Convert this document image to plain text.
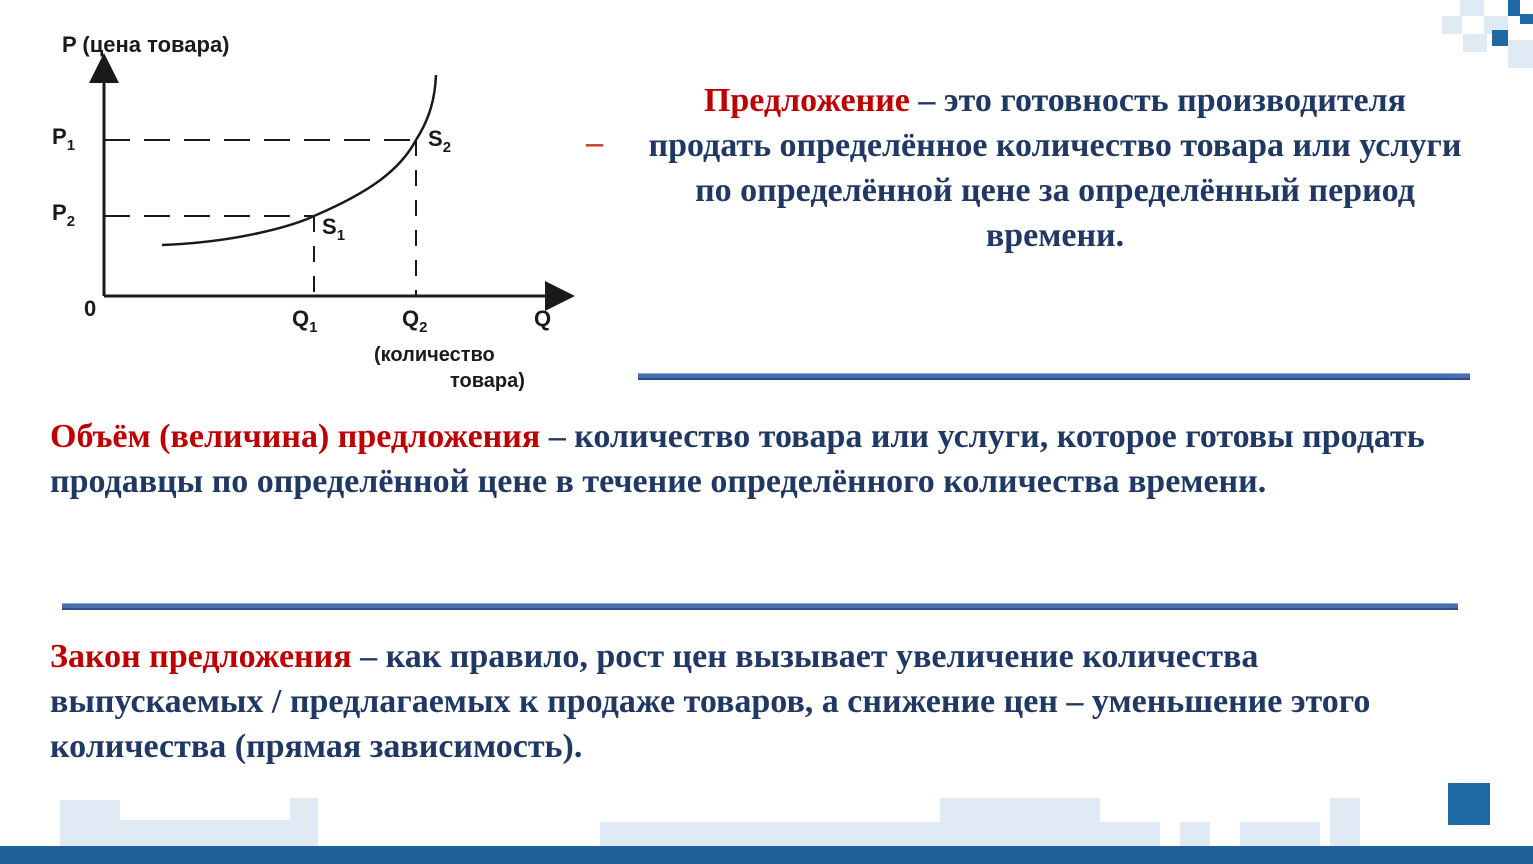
P (цена товара)
$P_1$
$P_2$
0	$Q_1$	$Q_2$	Q
(количество
товара)
$S_1$
$S_2$	–
Предложение – это готовность производителя продать определённое количество товара или услуги по определённой цене за определённый период времени.
Объём (величина) предложения – количество товара или услуги, которое готовы продать продавцы по определённой цене в течение определённого количества времени.
Закон предложения – как правило, рост цен вызывает увеличение количества выпускаемых / предлагаемых к продаже товаров, а снижение цен – уменьшение этого количества (прямая зависимость).
